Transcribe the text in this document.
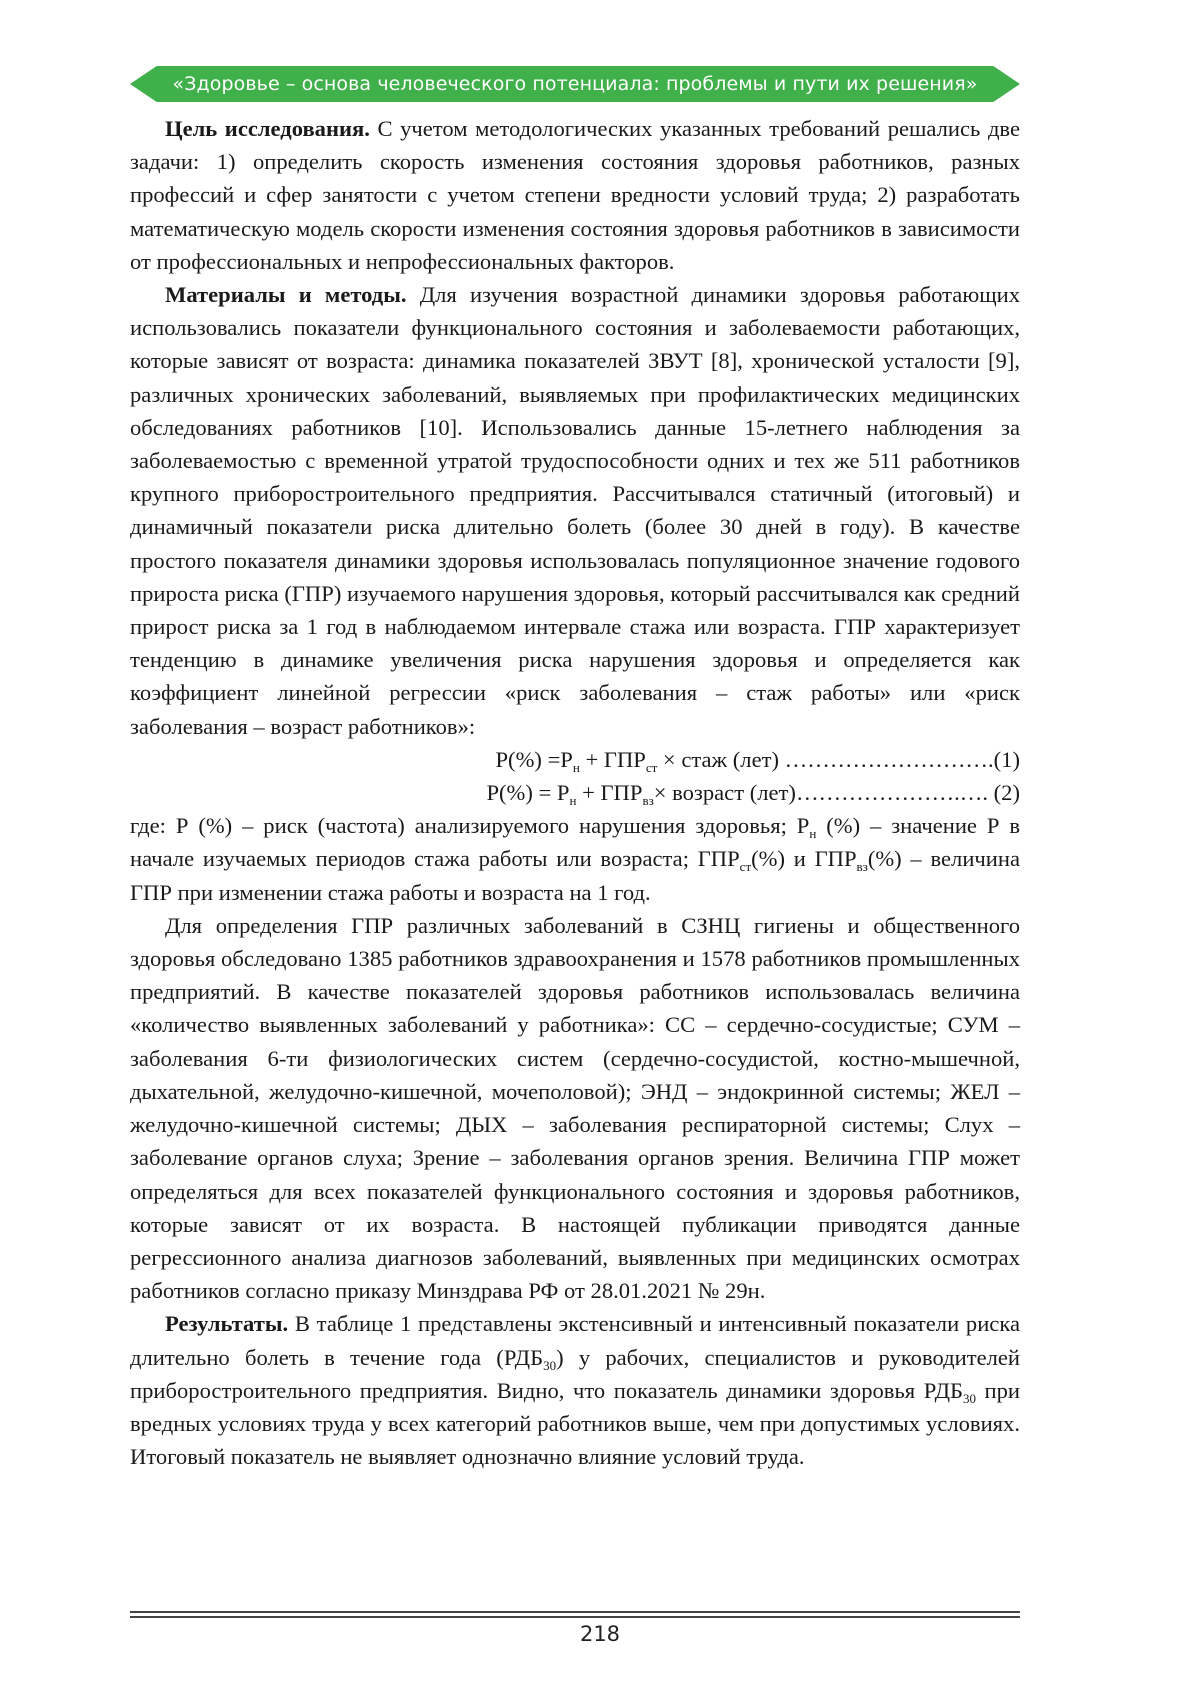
«Здоровье – основа человеческого потенциала: проблемы и пути их решения»

Цель исследования. С учетом методологических указанных требований решались две задачи: 1) определить скорость изменения состояния здоровья работников, разных профессий и сфер занятости с учетом степени вредности условий труда; 2) разработать математическую модель скорости изменения состояния здоровья работников в зависимости от профессиональных и непрофессиональных факторов.

Материалы и методы. Для изучения возрастной динамики здоровья работающих использовались показатели функционального состояния и заболеваемости работающих, которые зависят от возраста: динамика показателей ЗВУТ [8], хронической усталости [9], различных хронических заболеваний, выявляемых при профилактических медицинских обследованиях работников [10]. Использовались данные 15-летнего наблюдения за заболеваемостью с временной утратой трудоспособности одних и тех же 511 работников крупного приборостроительного предприятия. Рассчитывался статичный (итоговый) и динамичный показатели риска длительно болеть (более 30 дней в году). В качестве простого показателя динамики здоровья использовалась популяционное значение годового прироста риска (ГПР) изучаемого нарушения здоровья, который рассчитывался как средний прирост риска за 1 год в наблюдаемом интервале стажа или возраста. ГПР характеризует тенденцию в динамике увеличения риска нарушения здоровья и определяется как коэффициент линейной регрессии «риск заболевания – стаж работы» или «риск заболевания – возраст работников»:

Р(%) =Рн + ГПРст × стаж (лет) ……………………….(1)
Р(%) = Рн + ГПРвз× возраст (лет)………………….…. (2)

где: Р (%) – риск (частота) анализируемого нарушения здоровья; Рн (%) – значение Р в начале изучаемых периодов стажа работы или возраста; ГПРст(%) и ГПРвз(%) – величина ГПР при изменении стажа работы и возраста на 1 год.

Для определения ГПР различных заболеваний в СЗНЦ гигиены и общественного здоровья обследовано 1385 работников здравоохранения и 1578 работников промышленных предприятий. В качестве показателей здоровья работников использовалась величина «количество выявленных заболеваний у работника»: СС – сердечно-сосудистые; СУМ – заболевания 6-ти физиологических систем (сердечно-сосудистой, костно-мышечной, дыхательной, желудочно-кишечной, мочеполовой); ЭНД – эндокринной системы; ЖЕЛ – желудочно-кишечной системы; ДЫХ – заболевания респираторной системы; Слух – заболевание органов слуха; Зрение – заболевания органов зрения. Величина ГПР может определяться для всех показателей функционального состояния и здоровья работников, которые зависят от их возраста. В настоящей публикации приводятся данные регрессионного анализа диагнозов заболеваний, выявленных при медицинских осмотрах работников согласно приказу Минздрава РФ от 28.01.2021 № 29н.

Результаты. В таблице 1 представлены экстенсивный и интенсивный показатели риска длительно болеть в течение года (РДБ30) у рабочих, специалистов и руководителей приборостроительного предприятия. Видно, что показатель динамики здоровья РДБ30 при вредных условиях труда у всех категорий работников выше, чем при допустимых условиях. Итоговый показатель не выявляет однозначно влияние условий труда.

218
